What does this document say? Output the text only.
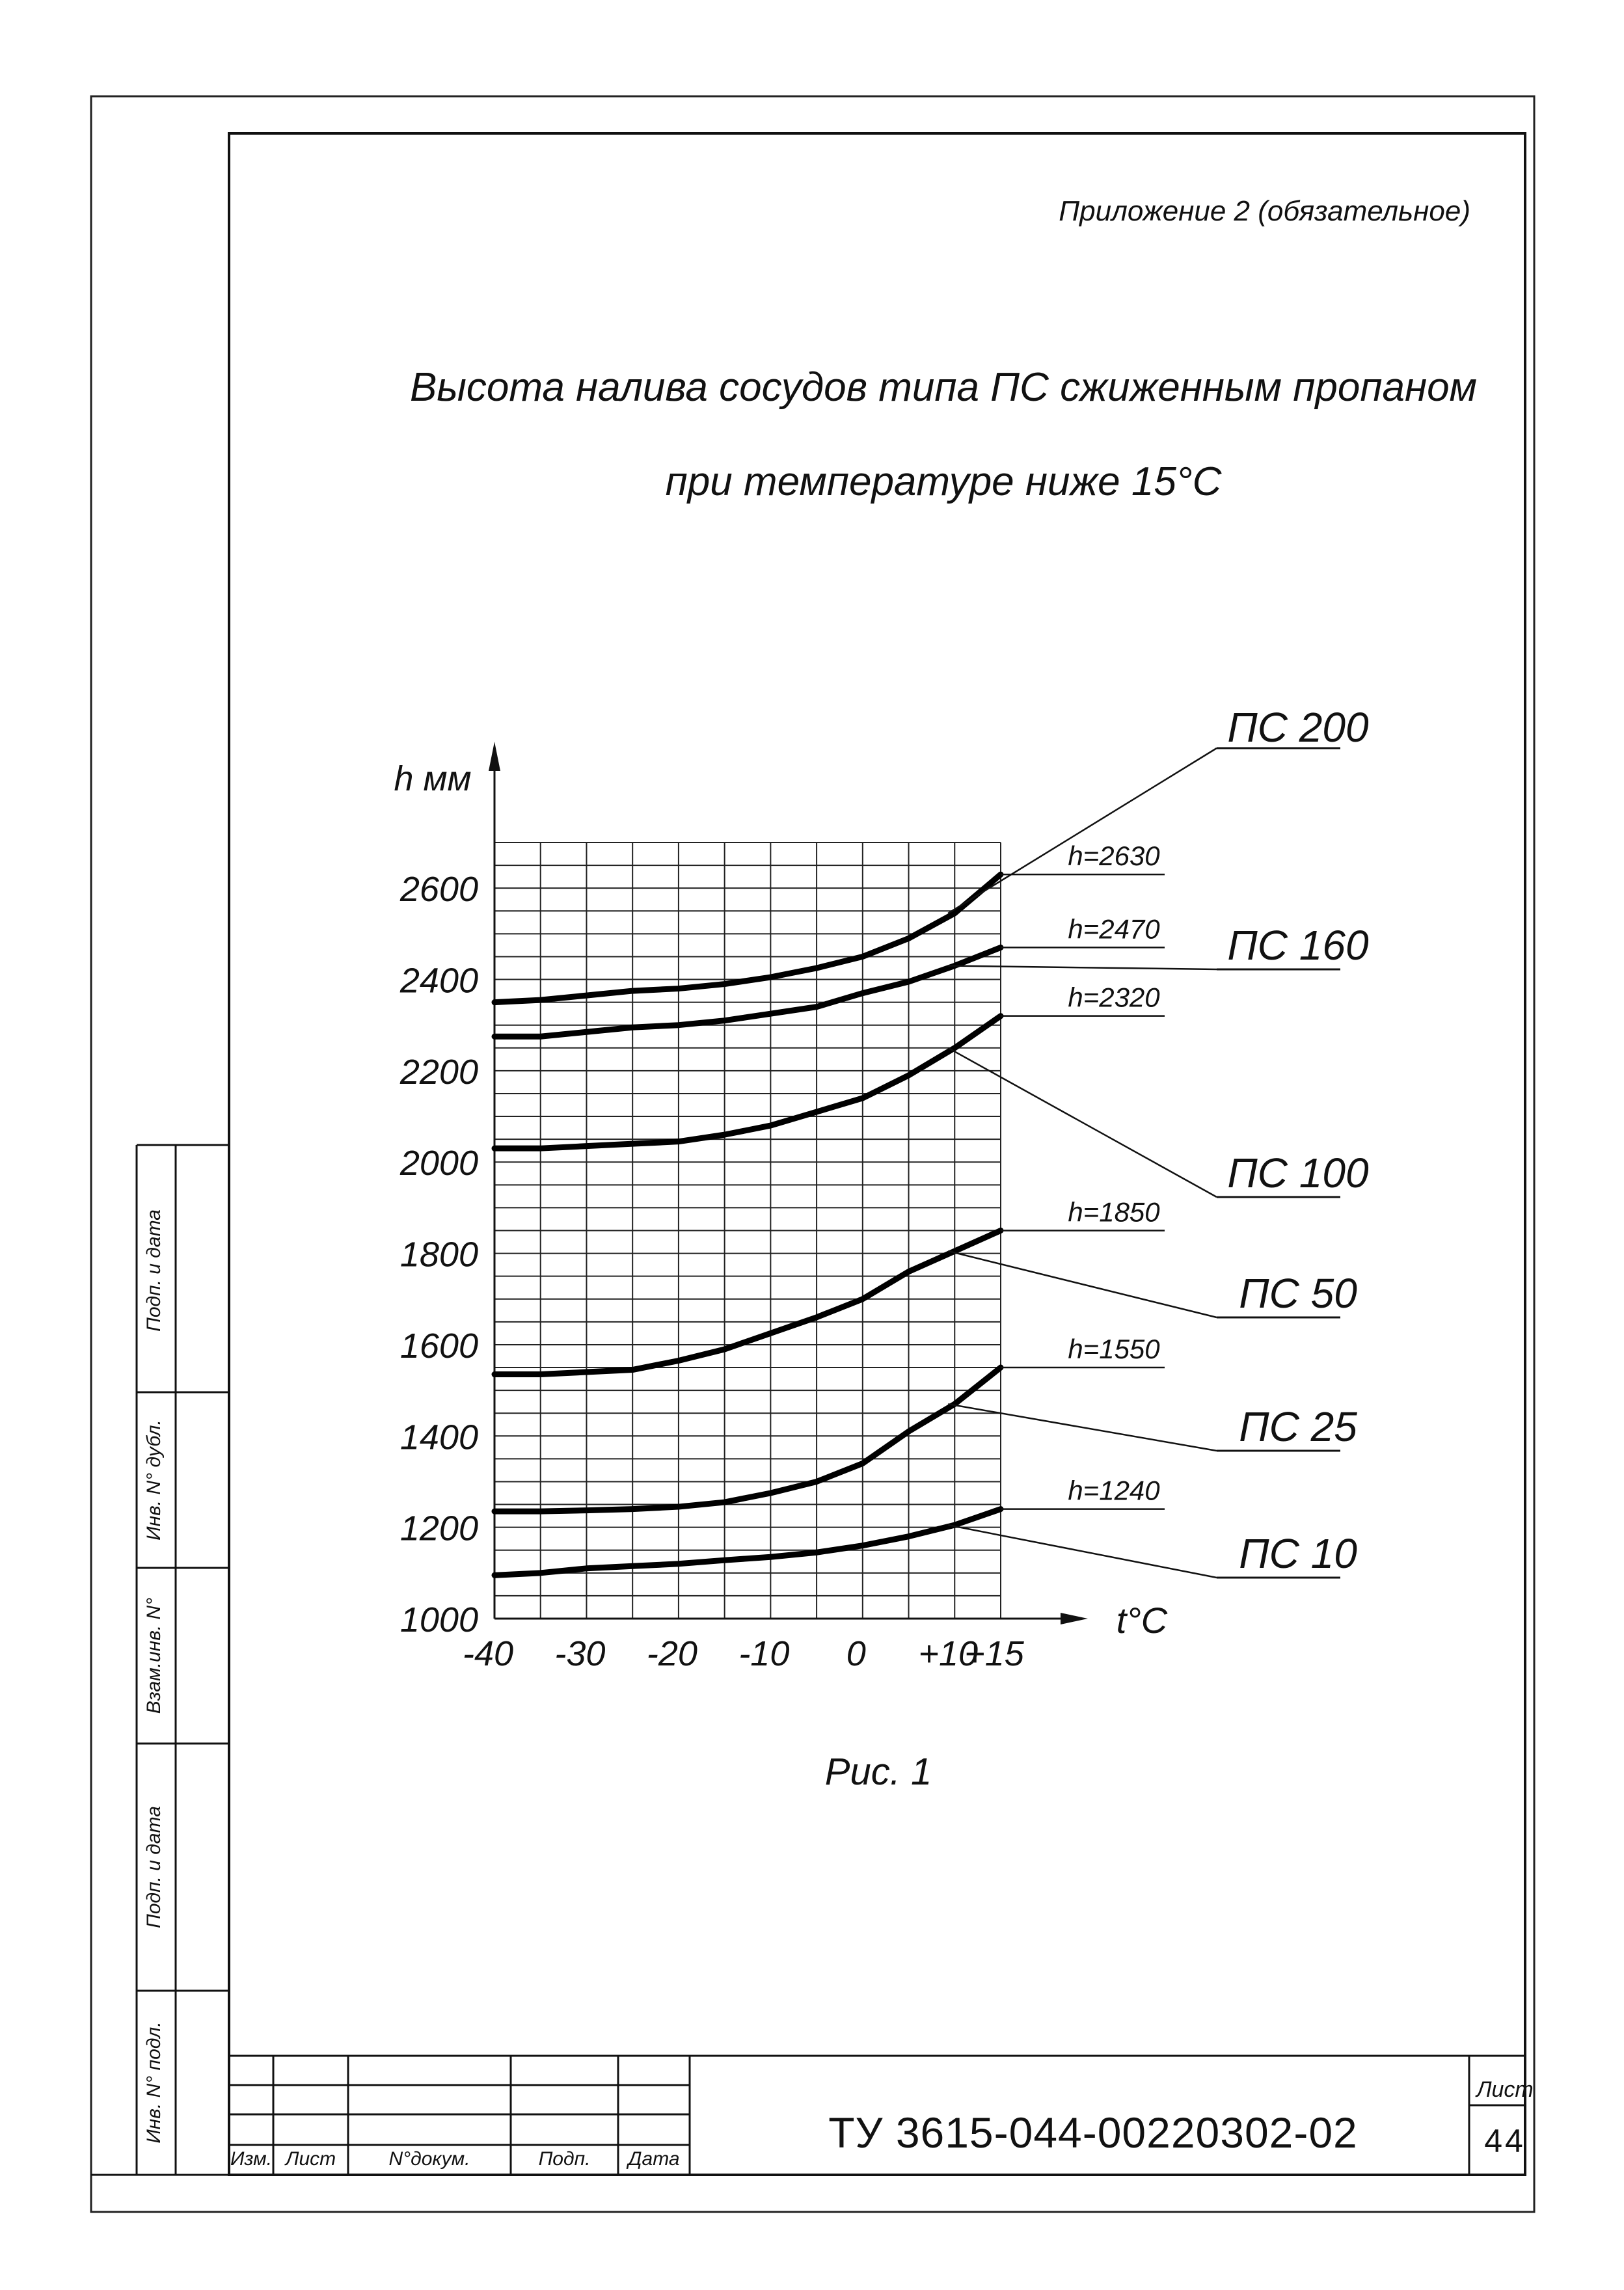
h мм
t°C
1000
1200
1400
1600
1800
2000
2200
2400
2600
-40 -30 -20 -10 0 +10
+15
h=2630
ПС 200
h=2470 ПС 160
h=2320
ПС 100
h=1850
ПС 50
h=1550
ПС 25
h=1240
ПС 10
Приложение 2 (обязательное)
Высота налива сосудов типа ПС сжиженным пропаном
при температуре ниже 15°С
Рис. 1
ТУ 3615-044-00220302-02
Лист
44
Изм. Лист	N°докум.	Подп.	Дата
Подп. и дата
Инв. N° дубл.
Взам.инв. N°
Подп. и дата
Инв. N° подл.
